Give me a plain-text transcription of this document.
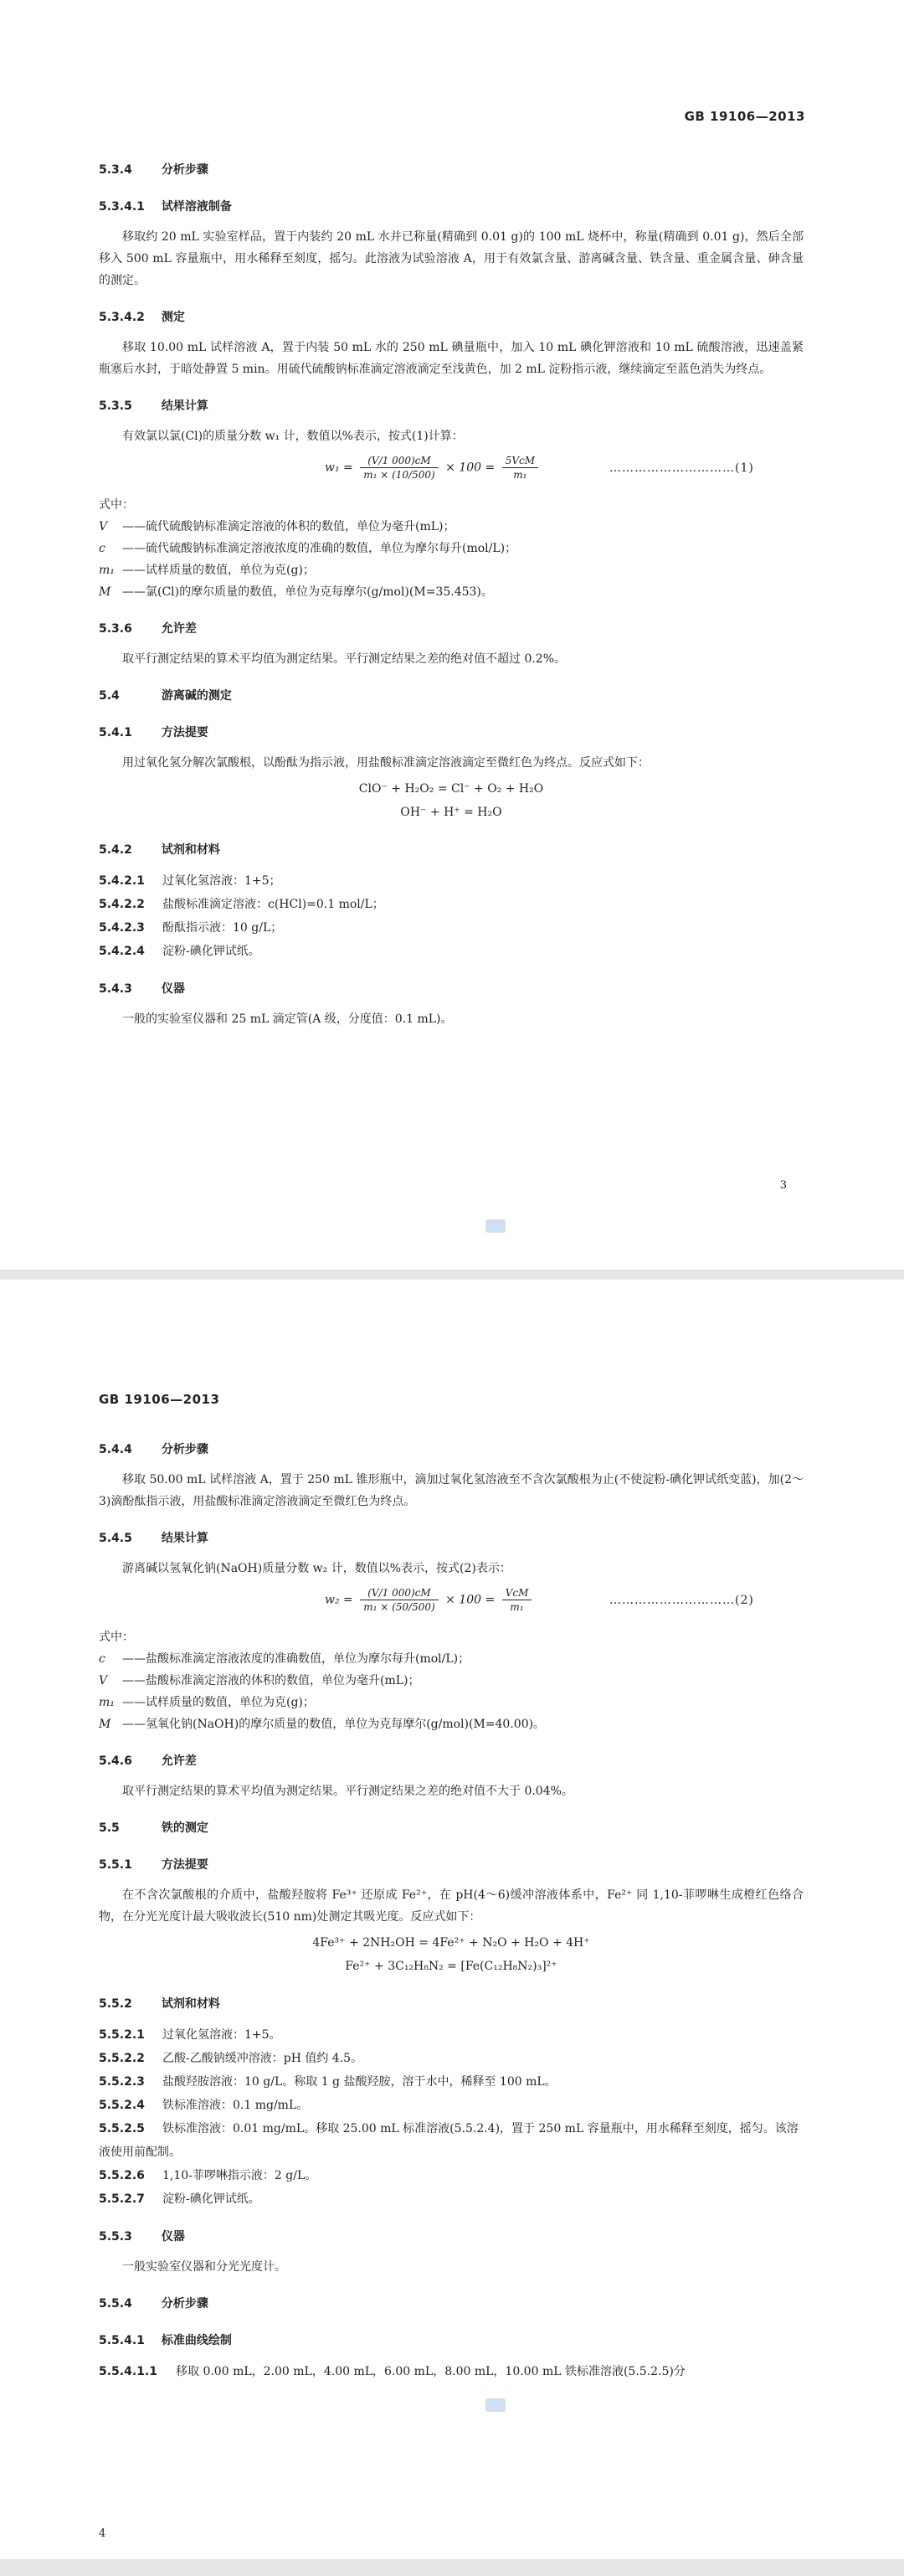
GB 19106—2013
5.3.4	分析步骤
5.3.4.1 试样溶液制备

移取约 20 mL 实验室样品，置于内装约 20 mL 水并已称量(精确到 0.01 g)的 100 mL 烧杯中，称量(精确到 0.01 g)，然后全部移入 500 mL 容量瓶中，用水稀释至刻度，摇匀。此溶液为试验溶液 A，用于有效氯含量、游离碱含量、铁含量、重金属含量、砷含量的测定。

5.3.4.2 测定

移取 10.00 mL 试样溶液 A，置于内装 50 mL 水的 250 mL 碘量瓶中，加入 10 mL 碘化钾溶液和 10 mL 硫酸溶液，迅速盖紧瓶塞后水封，于暗处静置 5 min。用硫代硫酸钠标准滴定溶液滴定至浅黄色，加 2 mL 淀粉指示液，继续滴定至蓝色消失为终点。

5.3.5	结果计算

有效氯以氯(Cl)的质量分数 w₁ 计，数值以%表示，按式(1)计算：

$w_1 = \frac{(V/1 000)cM}{\text{m₁ × (10/500)}} \times 100 = \frac{\text{5VcM}}{\text{m₁}}$	…………………………(1)
式中：
V ——硫代硫酸钠标准滴定溶液的体积的数值，单位为毫升(mL)；
c ——硫代硫酸钠标准滴定溶液浓度的准确的数值，单位为摩尔每升(mol/L)；
m₁ ——试样质量的数值，单位为克(g)；
M ——氯(Cl)的摩尔质量的数值，单位为克每摩尔(g/mol)(M=35.453)。
5.3.6	允许差

取平行测定结果的算术平均值为测定结果。平行测定结果之差的绝对值不超过 0.2%。

5.4	游离碱的测定
5.4.1	方法提要

用过氧化氢分解次氯酸根，以酚酞为指示液，用盐酸标准滴定溶液滴定至微红色为终点。反应式如下：

ClO⁻ + H₂O₂ = Cl⁻ + O₂ + H₂O

OH⁻ + H⁺ = H₂O

5.4.2	试剂和材料
5.4.2.1 过氧化氢溶液：1+5；
5.4.2.2 盐酸标准滴定溶液：c(HCl)=0.1 mol/L；
5.4.2.3 酚酞指示液：10 g/L；
5.4.2.4 淀粉-碘化钾试纸。
5.4.3	仪器

一般的实验室仪器和 25 mL 滴定管(A 级，分度值：0.1 mL)。

3
GB 19106—2013
5.4.4	分析步骤

移取 50.00 mL 试样溶液 A，置于 250 mL 锥形瓶中，滴加过氧化氢溶液至不含次氯酸根为止(不使淀粉-碘化钾试纸变蓝)，加(2～3)滴酚酞指示液，用盐酸标准滴定溶液滴定至微红色为终点。

5.4.5	结果计算

游离碱以氢氧化钠(NaOH)质量分数 w₂ 计，数值以%表示，按式(2)表示：

$w_2 = \frac{(V/1 000)cM}{\text{m₁ × (50/500)}} \times 100 = \frac{\text{VcM}}{\text{m₁}}$	…………………………(2)
式中：
c ——盐酸标准滴定溶液浓度的准确数值，单位为摩尔每升(mol/L)；
V ——盐酸标准滴定溶液的体积的数值，单位为毫升(mL)；
m₁ ——试样质量的数值，单位为克(g)；
M ——氢氧化钠(NaOH)的摩尔质量的数值，单位为克每摩尔(g/mol)(M=40.00)。
5.4.6	允许差

取平行测定结果的算术平均值为测定结果。平行测定结果之差的绝对值不大于 0.04%。

5.5	铁的测定
5.5.1	方法提要

在不含次氯酸根的介质中，盐酸羟胺将 Fe³⁺ 还原成 Fe²⁺，在 pH(4～6)缓冲溶液体系中，Fe²⁺ 同 1,10-菲啰啉生成橙红色络合物，在分光光度计最大吸收波长(510 nm)处测定其吸光度。反应式如下：

4Fe³⁺ + 2NH₂OH = 4Fe²⁺ + N₂O + H₂O + 4H⁺

Fe²⁺ + 3C₁₂H₈N₂ = [Fe(C₁₂H₈N₂)₃]²⁺

5.5.2	试剂和材料
5.5.2.1 过氧化氢溶液：1+5。
5.5.2.2 乙酸-乙酸钠缓冲溶液：pH 值约 4.5。
5.5.2.3 盐酸羟胺溶液：10 g/L。称取 1 g 盐酸羟胺，溶于水中，稀释至 100 mL。
5.5.2.4 铁标准溶液：0.1 mg/mL。
5.5.2.5 铁标准溶液：0.01 mg/mL。移取 25.00 mL 标准溶液(5.5.2.4)，置于 250 mL 容量瓶中，用水稀释至刻度，摇匀。该溶液使用前配制。
5.5.2.6 1,10-菲啰啉指示液：2 g/L。
5.5.2.7 淀粉-碘化钾试纸。
5.5.3	仪器

一般实验室仪器和分光光度计。

5.5.4	分析步骤
5.5.4.1 标准曲线绘制
5.5.4.1.1 移取 0.00 mL，2.00 mL，4.00 mL，6.00 mL，8.00 mL，10.00 mL 铁标准溶液(5.5.2.5)分
4
